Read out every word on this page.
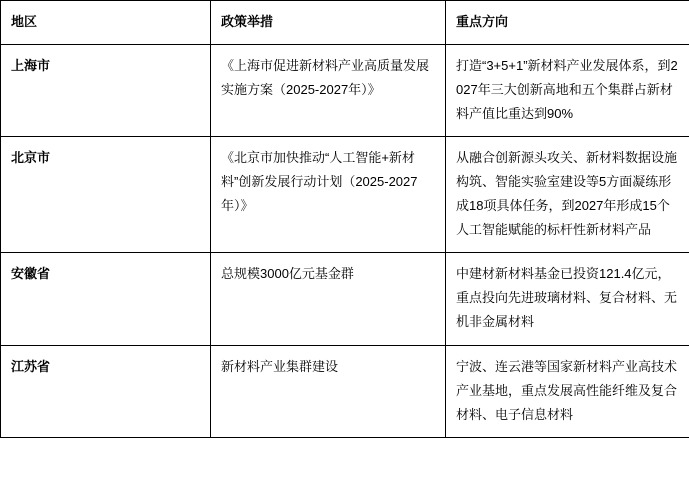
地区	政策举措	重点方向
上海市	《上海市促进新材料产业高质量发展实施方案（2025-2027年）》	打造“3+5+1”新材料产业发展体系，到2027年三大创新高地和五个集群占新材料产值比重达到90%
北京市	《北京市加快推动“人工智能+新材料”创新发展行动计划（2025-2027年）》	从融合创新源头攻关、新材料数据设施构筑、智能实验室建设等5方面凝练形成18项具体任务，到2027年形成15个人工智能赋能的标杆性新材料产品
安徽省	总规模3000亿元基金群	中建材新材料基金已投资121.4亿元，重点投向先进玻璃材料、复合材料、无机非金属材料
江苏省	新材料产业集群建设	宁波、连云港等国家新材料产业高技术产业基地，重点发展高性能纤维及复合材料、电子信息材料
